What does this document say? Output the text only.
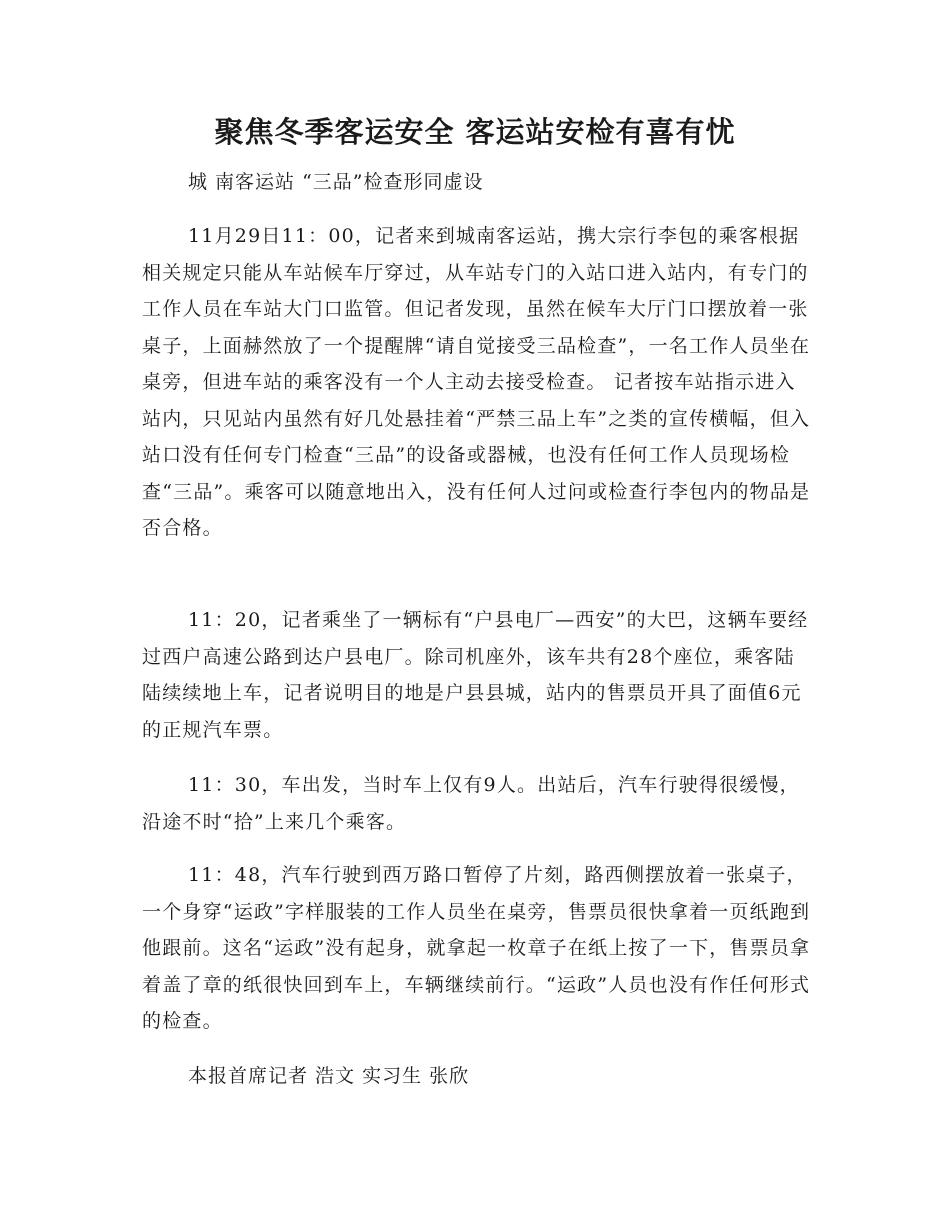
聚焦冬季客运安全 客运站安检有喜有忧

城 南客运站 “三品”检查形同虚设

11月29日11：00，记者来到城南客运站，携大宗行李包的乘客根据相关规定只能从车站候车厅穿过，从车站专门的入站口进入站内，有专门的工作人员在车站大门口监管。但记者发现，虽然在候车大厅门口摆放着一张桌子，上面赫然放了一个提醒牌“请自觉接受三品检查”，一名工作人员坐在桌旁，但进车站的乘客没有一个人主动去接受检查。 记者按车站指示进入站内，只见站内虽然有好几处悬挂着“严禁三品上车”之类的宣传横幅，但入站口没有任何专门检查“三品”的设备或器械，也没有任何工作人员现场检查“三品”。乘客可以随意地出入，没有任何人过问或检查行李包内的物品是否合格。

11：20，记者乘坐了一辆标有“户县电厂—西安”的大巴，这辆车要经过西户高速公路到达户县电厂。除司机座外，该车共有28个座位，乘客陆陆续续地上车，记者说明目的地是户县县城，站内的售票员开具了面值6元的正规汽车票。

11：30，车出发，当时车上仅有9人。出站后，汽车行驶得很缓慢，沿途不时“拾”上来几个乘客。

11：48，汽车行驶到西万路口暂停了片刻，路西侧摆放着一张桌子，一个身穿“运政”字样服装的工作人员坐在桌旁，售票员很快拿着一页纸跑到他跟前。这名“运政”没有起身，就拿起一枚章子在纸上按了一下，售票员拿着盖了章的纸很快回到车上，车辆继续前行。“运政”人员也没有作任何形式的检查。

本报首席记者 浩文 实习生 张欣
